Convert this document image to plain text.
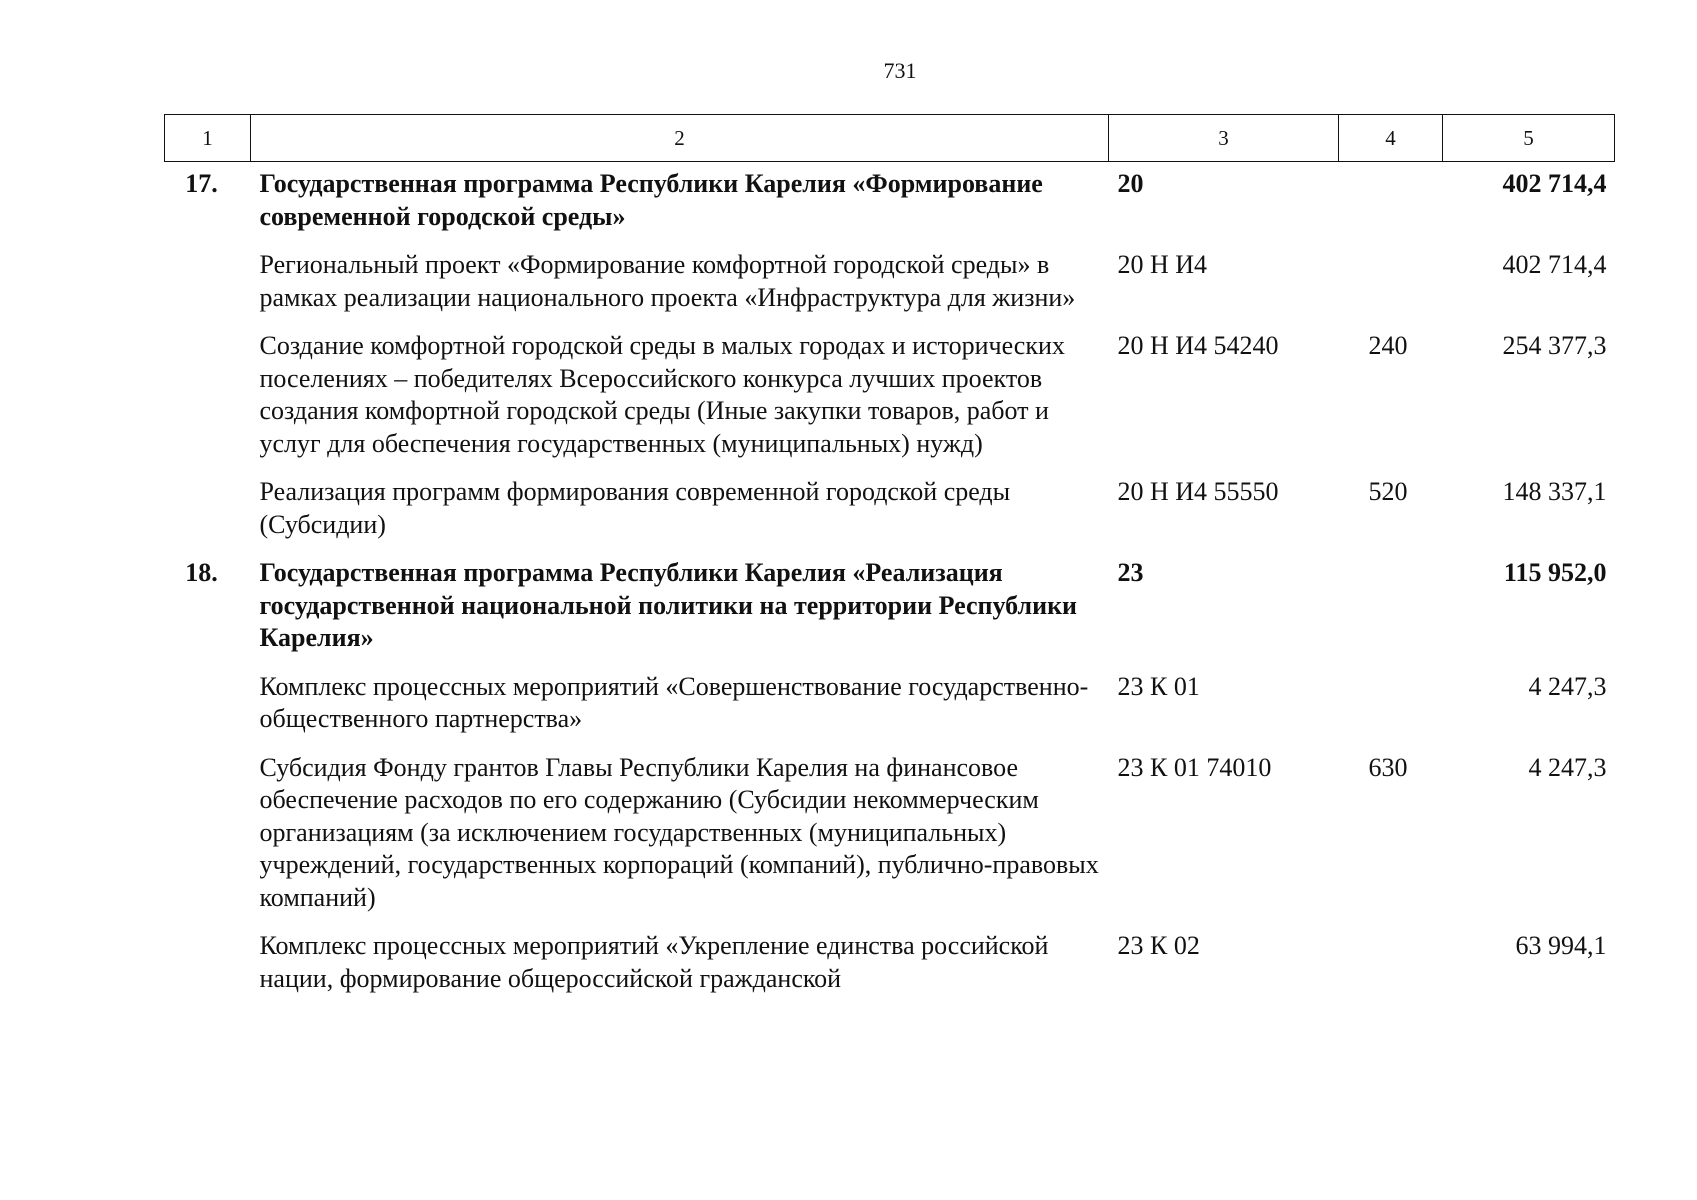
731
1	2	3	4	5
17.	Государственная программа Республики Карелия «Формирование современной городской среды»	20		402 714,4
	Региональный проект «Формирование комфортной городской среды» в рамках реализации национального проекта «Инфраструктура для жизни»	20 Н И4		402 714,4
	Создание комфортной городской среды в малых городах и исторических поселениях – победителях Всероссийского конкурса лучших проектов создания комфортной городской среды (Иные закупки товаров, работ и услуг для обеспечения государственных (муниципальных) нужд)	20 Н И4 54240	240	254 377,3
	Реализация программ формирования современной городской среды (Субсидии)	20 Н И4 55550	520	148 337,1
18.	Государственная программа Республики Карелия «Реализация государственной национальной политики на территории Республики Карелия»	23		115 952,0
	Комплекс процессных мероприятий «Совершенствование государственно-общественного партнерства»	23 К 01		4 247,3
	Субсидия Фонду грантов Главы Республики Карелия на финансовое обеспечение расходов по его содержанию (Субсидии некоммерческим организациям (за исключением государственных (муниципальных) учреждений, государственных корпораций (компаний), публично-правовых компаний)	23 К 01 74010	630	4 247,3
	Комплекс процессных мероприятий «Укрепление единства российской нации, формирование общероссийской гражданской	23 К 02		63 994,1
